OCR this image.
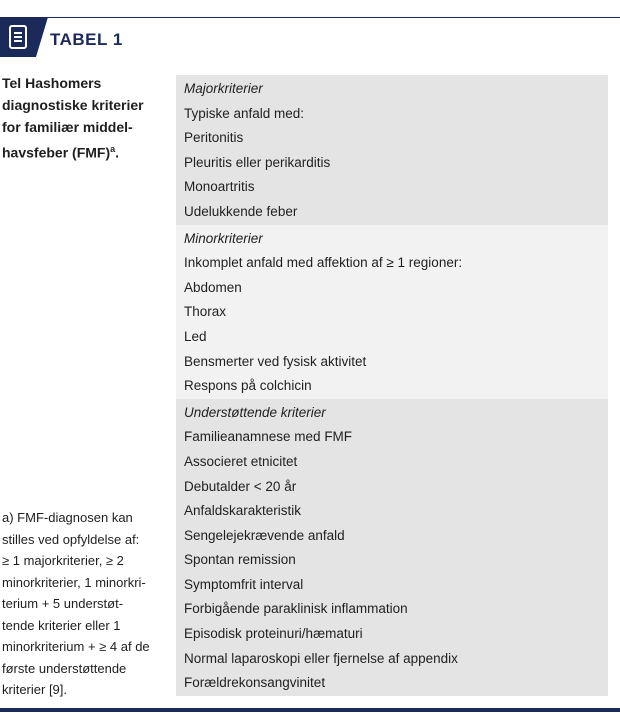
TABEL 1
Tel Hashomers
diagnostiske kriterier
for familiær middel-
havsfeber (FMF)$^a$.
a) FMF-diagnosen kan
stilles ved opfyldelse af:
≥ 1 majorkriterier, ≥ 2
minorkriterier, 1 minorkri-
terium + 5 understøt-
tende kriterier eller 1
minorkriterium + ≥ 4 af de
første understøttende
kriterier [9].
Majorkriterier
Typiske anfald med:
Peritonitis
Pleuritis eller perikarditis
Monoartritis
Udelukkende feber
Minorkriterier
Inkomplet anfald med affektion af ≥ 1 regioner:
Abdomen
Thorax
Led
Bensmerter ved fysisk aktivitet
Respons på colchicin
Understøttende kriterier
Familieanamnese med FMF
Associeret etnicitet
Debutalder < 20 år
Anfaldskarakteristik
Sengelejekrævende anfald
Spontan remission
Symptomfrit interval
Forbigående paraklinisk inflammation
Episodisk proteinuri/hæmaturi
Normal laparoskopi eller fjernelse af appendix
Forældrekonsangvinitet
